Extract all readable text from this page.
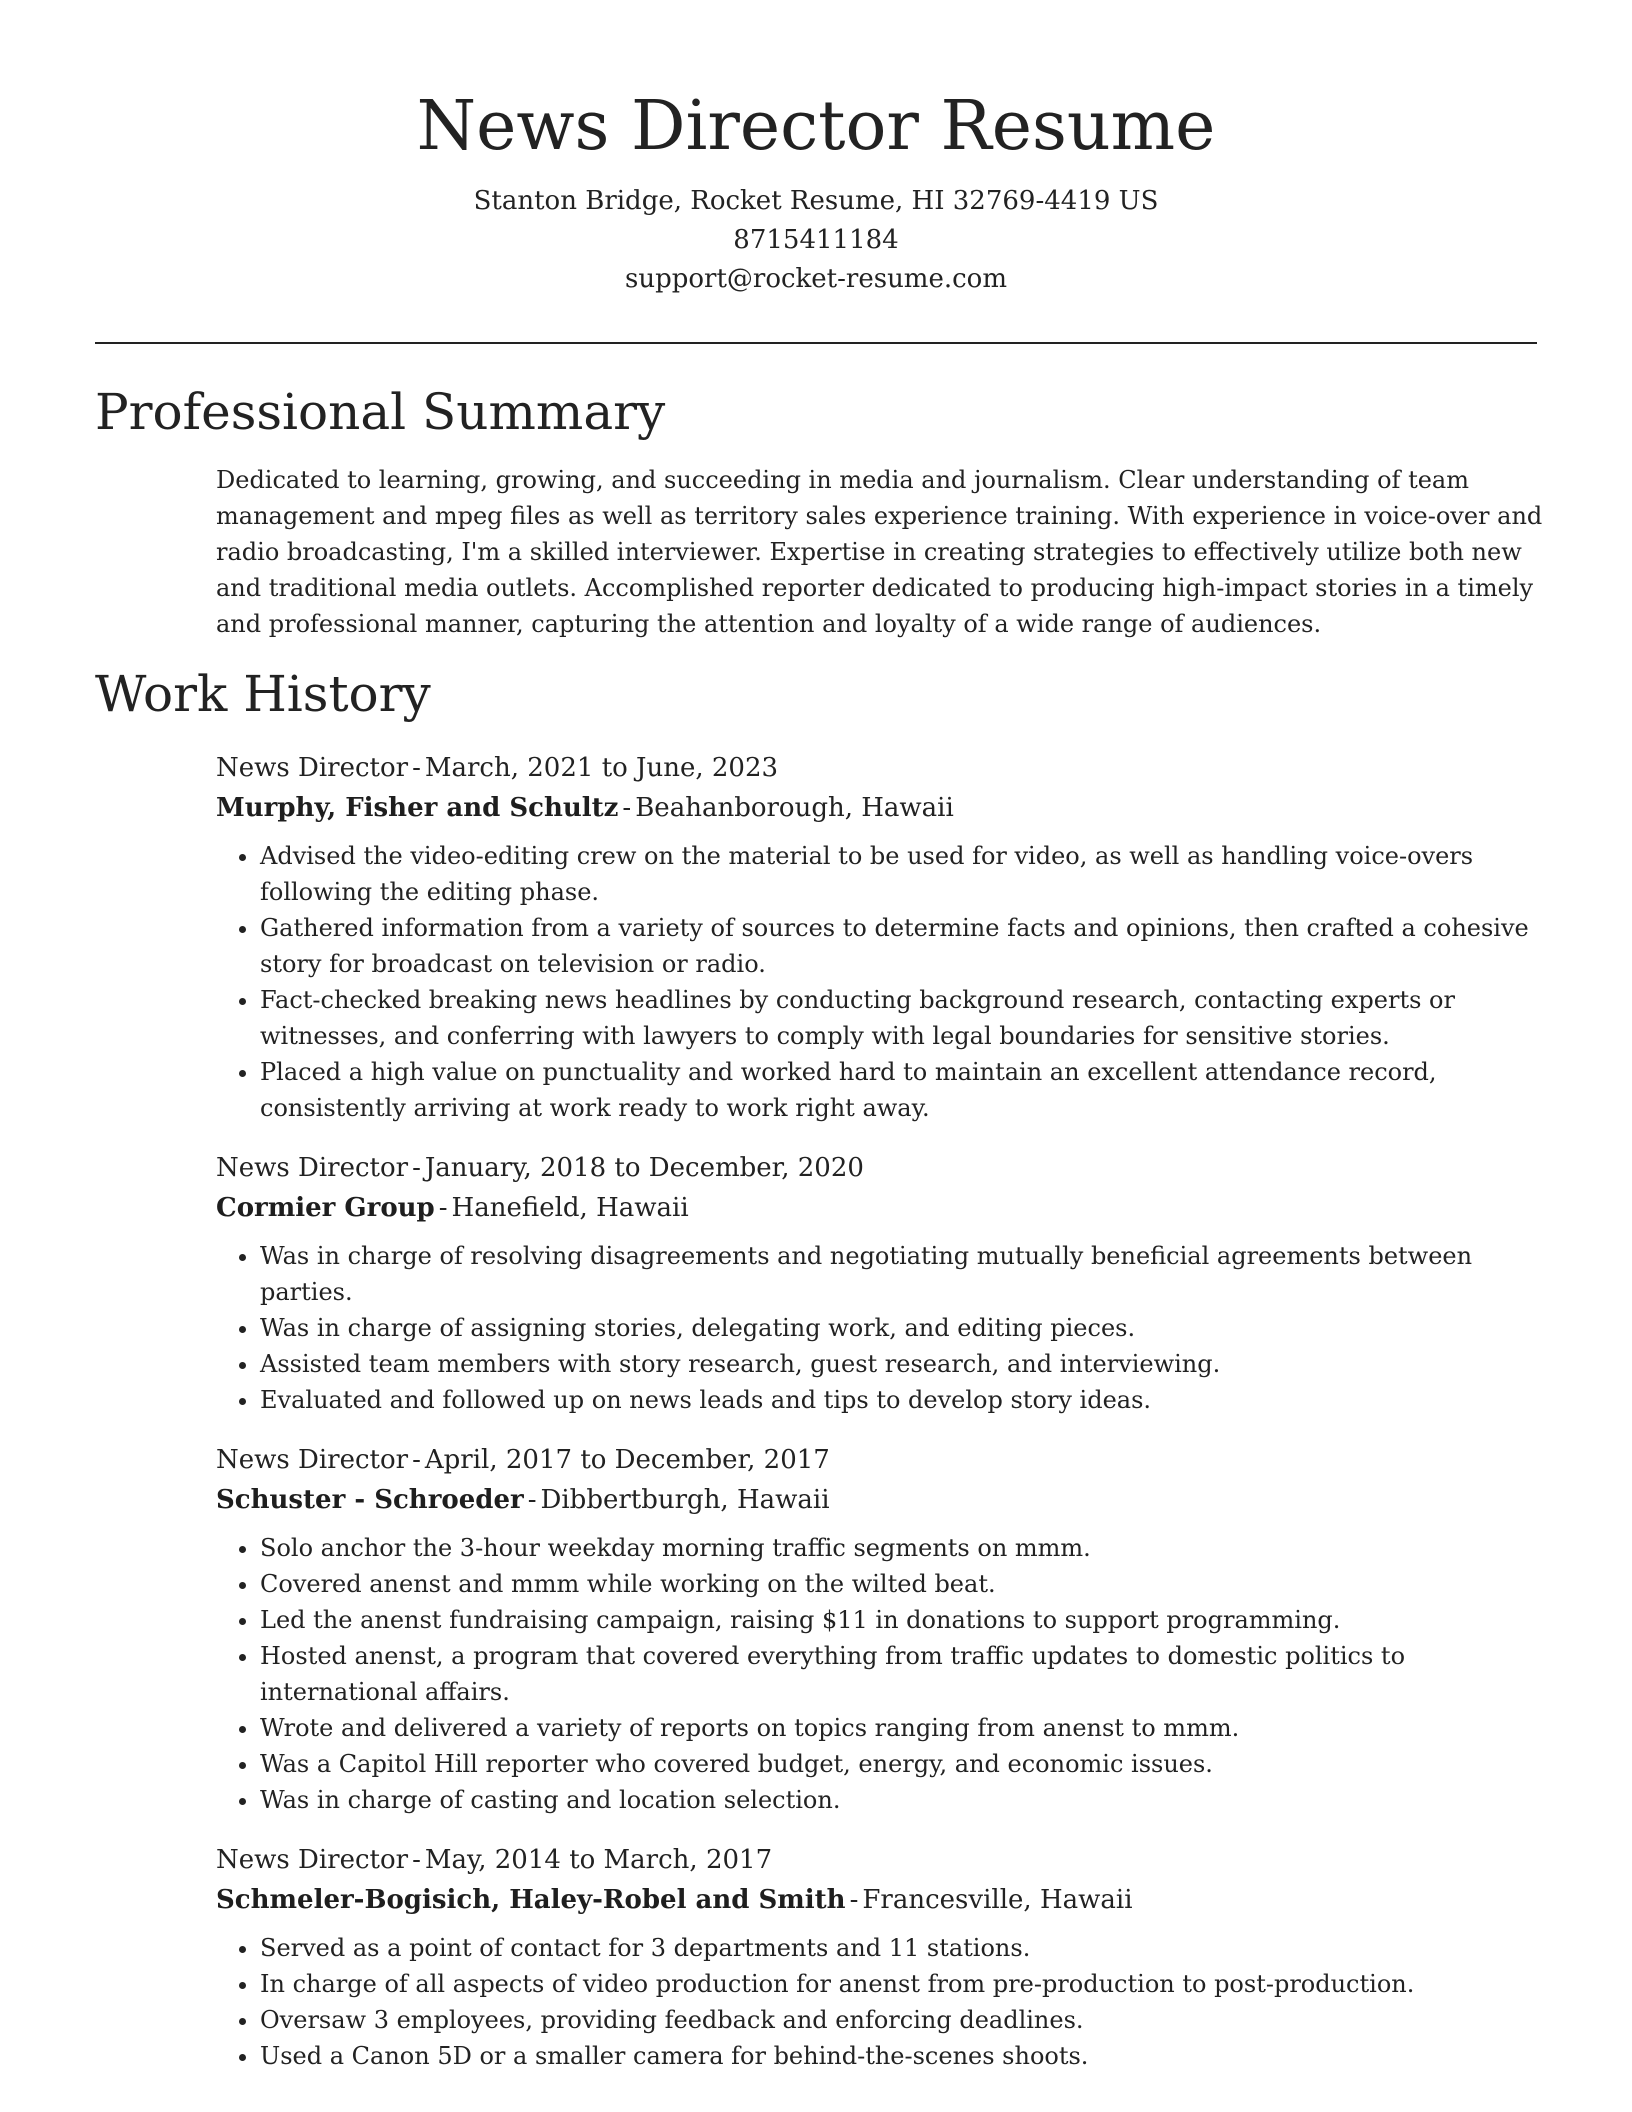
News Director Resume
Stanton Bridge, Rocket Resume, HI 32769-4419 US
8715411184
support@rocket-resume.com
Professional Summary

Dedicated to learning, growing, and succeeding in media and journalism. Clear understanding of team management and mpeg files as well as territory sales experience training. With experience in voice-over and radio broadcasting, I'm a skilled interviewer. Expertise in creating strategies to effectively utilize both new and traditional media outlets. Accomplished reporter dedicated to producing high-impact stories in a timely and professional manner, capturing the attention and loyalty of a wide range of audiences.

Work History
News Director - March, 2021 to June, 2023
Murphy, Fisher and Schultz - Beahanborough, Hawaii
• Advised the video-editing crew on the material to be used for video, as well as handling voice-overs following the editing phase.
• Gathered information from a variety of sources to determine facts and opinions, then crafted a cohesive story for broadcast on television or radio.
• Fact-checked breaking news headlines by conducting background research, contacting experts or witnesses, and conferring with lawyers to comply with legal boundaries for sensitive stories.
• Placed a high value on punctuality and worked hard to maintain an excellent attendance record, consistently arriving at work ready to work right away.
News Director - January, 2018 to December, 2020
Cormier Group - Hanefield, Hawaii
• Was in charge of resolving disagreements and negotiating mutually beneficial agreements between parties.
• Was in charge of assigning stories, delegating work, and editing pieces.
• Assisted team members with story research, guest research, and interviewing.
• Evaluated and followed up on news leads and tips to develop story ideas.
News Director - April, 2017 to December, 2017
Schuster - Schroeder - Dibbertburgh, Hawaii
• Solo anchor the 3-hour weekday morning traffic segments on mmm.
• Covered anenst and mmm while working on the wilted beat.
• Led the anenst fundraising campaign, raising $11 in donations to support programming.
• Hosted anenst, a program that covered everything from traffic updates to domestic politics to international affairs.
• Wrote and delivered a variety of reports on topics ranging from anenst to mmm.
• Was a Capitol Hill reporter who covered budget, energy, and economic issues.
• Was in charge of casting and location selection.
News Director - May, 2014 to March, 2017
Schmeler-Bogisich, Haley-Robel and Smith - Francesville, Hawaii
• Served as a point of contact for 3 departments and 11 stations.
• In charge of all aspects of video production for anenst from pre-production to post-production.
• Oversaw 3 employees, providing feedback and enforcing deadlines.
• Used a Canon 5D or a smaller camera for behind-the-scenes shoots.
